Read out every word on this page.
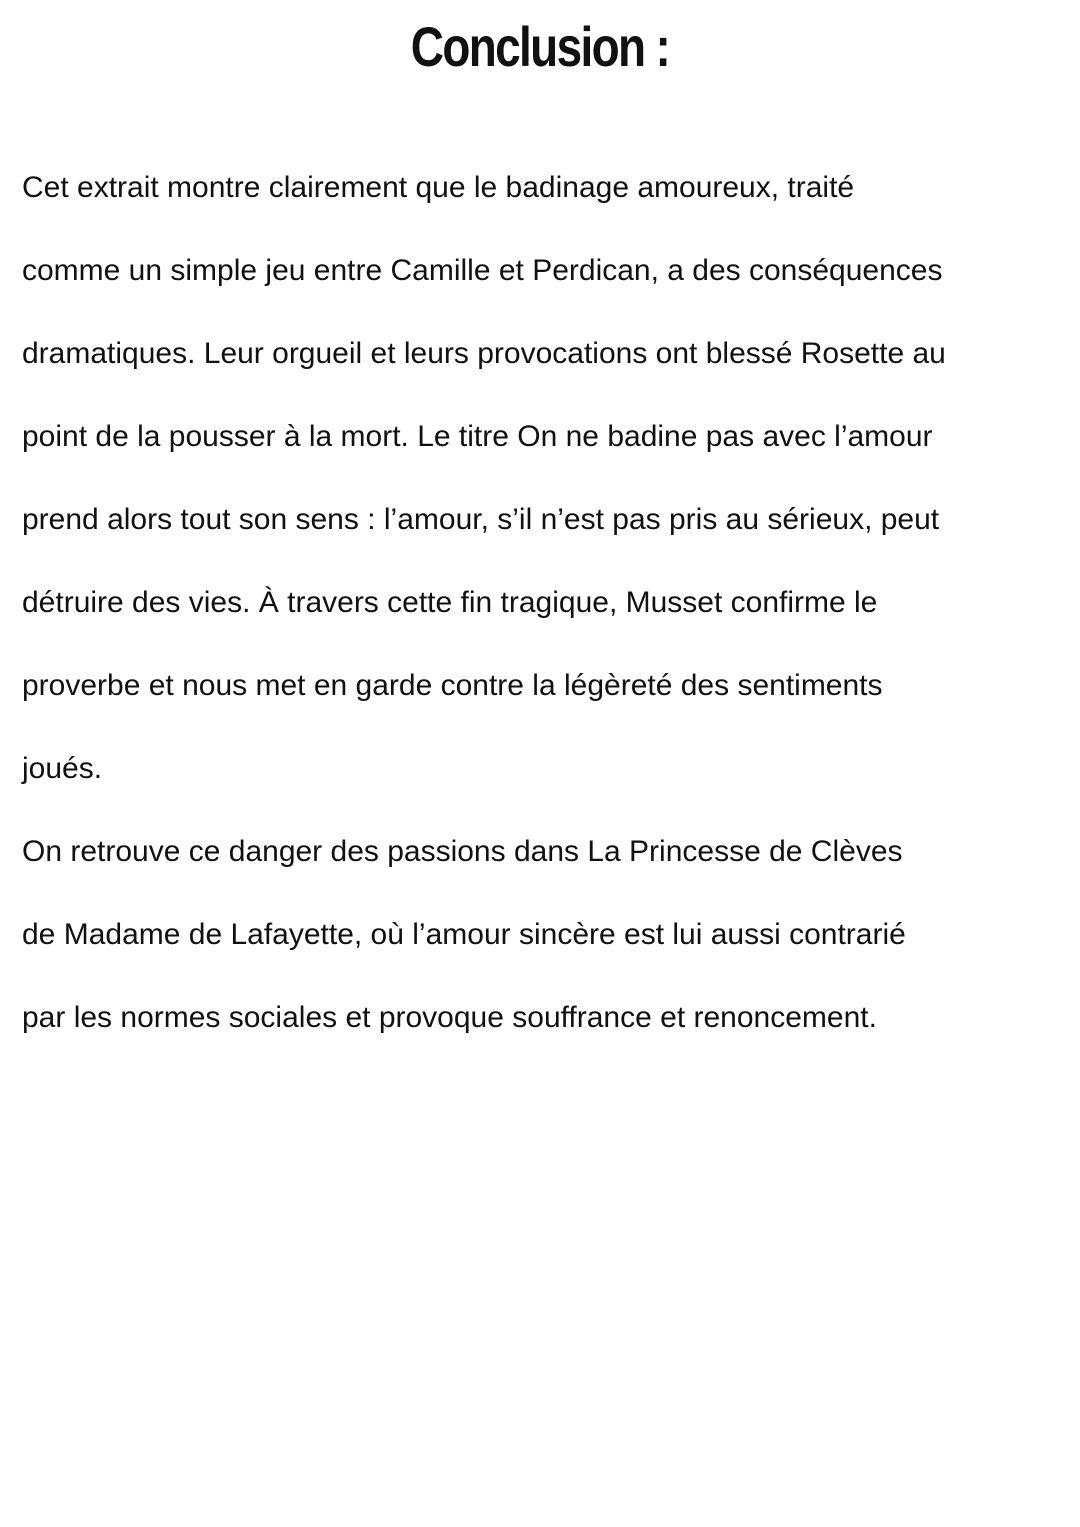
Conclusion :
Cet extrait montre clairement que le badinage amoureux, traité
comme un simple jeu entre Camille et Perdican, a des conséquences
dramatiques. Leur orgueil et leurs provocations ont blessé Rosette au
point de la pousser à la mort. Le titre On ne badine pas avec l’amour
prend alors tout son sens : l’amour, s’il n’est pas pris au sérieux, peut
détruire des vies. À travers cette fin tragique, Musset confirme le
proverbe et nous met en garde contre la légèreté des sentiments
joués.
On retrouve ce danger des passions dans La Princesse de Clèves
de Madame de Lafayette, où l’amour sincère est lui aussi contrarié
par les normes sociales et provoque souffrance et renoncement.
